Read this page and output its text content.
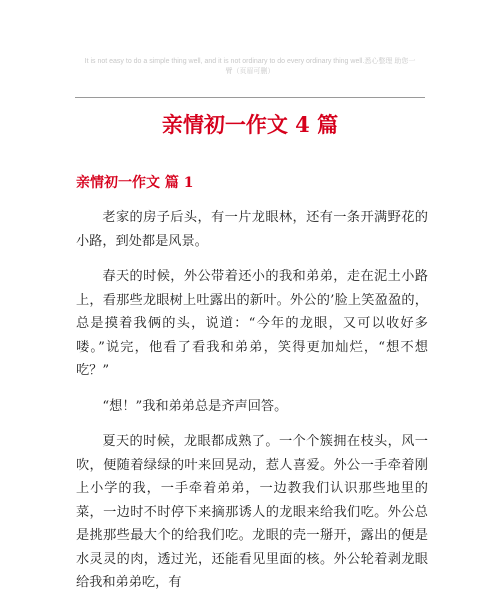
It is not easy to do a simple thing well, and it is not ordinary to do every ordinary thing well.悉心整理 助您一
臂（页眉可删）
亲情初一作文 4 篇
亲情初一作文 篇 1

老家的房子后头，有一片龙眼林，还有一条开满野花的小路，到处都是风景。

春天的时候，外公带着还小的我和弟弟，走在泥土小路上，看那些龙眼树上吐露出的新叶。外公的’脸上笑盈盈的，总是摸着我俩的头，说道：“今年的龙眼，又可以收好多喽。”说完，他看了看我和弟弟，笑得更加灿烂，“想不想吃？”

“想！”我和弟弟总是齐声回答。

夏天的时候，龙眼都成熟了。一个个簇拥在枝头，风一吹，便随着绿绿的叶来回晃动，惹人喜爱。外公一手牵着刚上小学的我，一手牵着弟弟，一边教我们认识那些地里的菜，一边时不时停下来摘那诱人的龙眼来给我们吃。外公总是挑那些最大个的给我们吃。龙眼的壳一掰开，露出的便是水灵灵的肉，透过光，还能看见里面的核。外公轮着剥龙眼给我和弟弟吃，有
